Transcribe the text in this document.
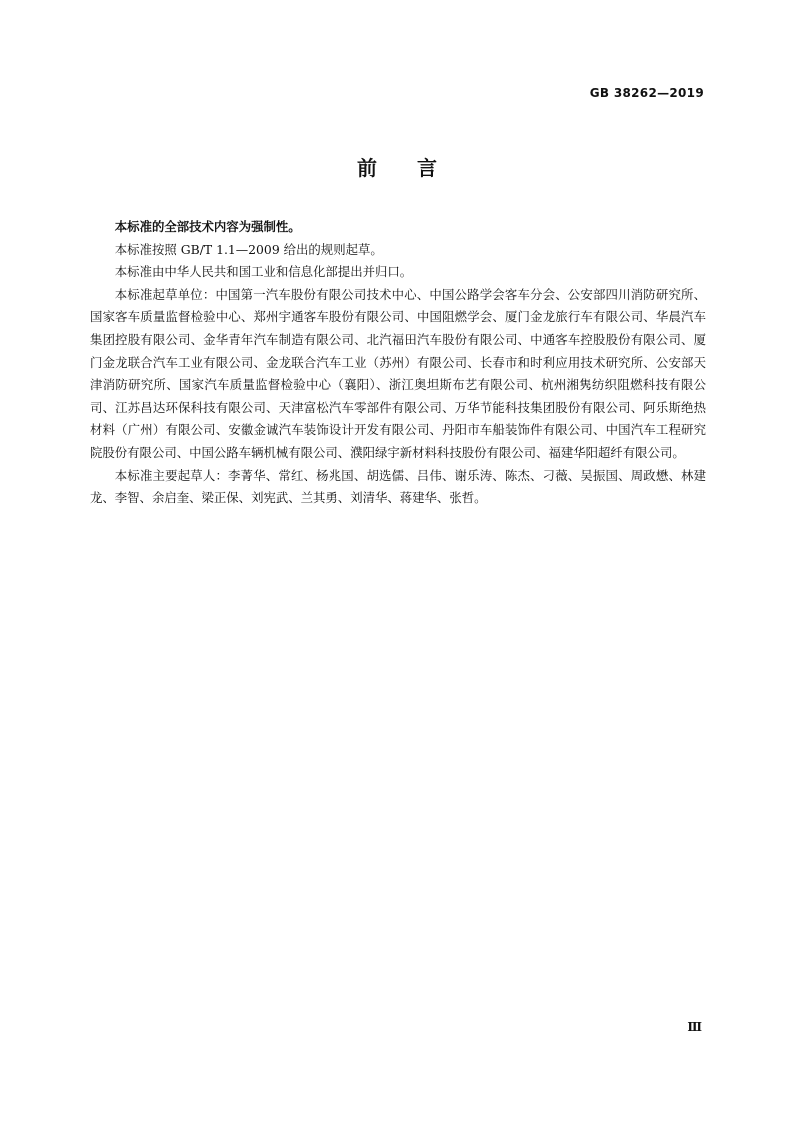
GB 38262—2019
前言

本标准的全部技术内容为强制性。

本标准按照 GB/T 1.1—2009 给出的规则起草。

本标准由中华人民共和国工业和信息化部提出并归口。

本标准起草单位：中国第一汽车股份有限公司技术中心、中国公路学会客车分会、公安部四川消防研究所、国家客车质量监督检验中心、郑州宇通客车股份有限公司、中国阻燃学会、厦门金龙旅行车有限公司、华晨汽车集团控股有限公司、金华青年汽车制造有限公司、北汽福田汽车股份有限公司、中通客车控股股份有限公司、厦门金龙联合汽车工业有限公司、金龙联合汽车工业（苏州）有限公司、长春市和时利应用技术研究所、公安部天津消防研究所、国家汽车质量监督检验中心（襄阳）、浙江奥坦斯布艺有限公司、杭州湘隽纺织阻燃科技有限公司、江苏昌达环保科技有限公司、天津富松汽车零部件有限公司、万华节能科技集团股份有限公司、阿乐斯绝热材料（广州）有限公司、安徽金诚汽车装饰设计开发有限公司、丹阳市车船装饰件有限公司、中国汽车工程研究院股份有限公司、中国公路车辆机械有限公司、濮阳绿宇新材料科技股份有限公司、福建华阳超纤有限公司。

本标准主要起草人：李菁华、常红、杨兆国、胡选儒、吕伟、谢乐涛、陈杰、刁薇、吴振国、周政懋、林建龙、李智、余启奎、梁正保、刘宪武、兰其勇、刘清华、蒋建华、张哲。

Ⅲ
